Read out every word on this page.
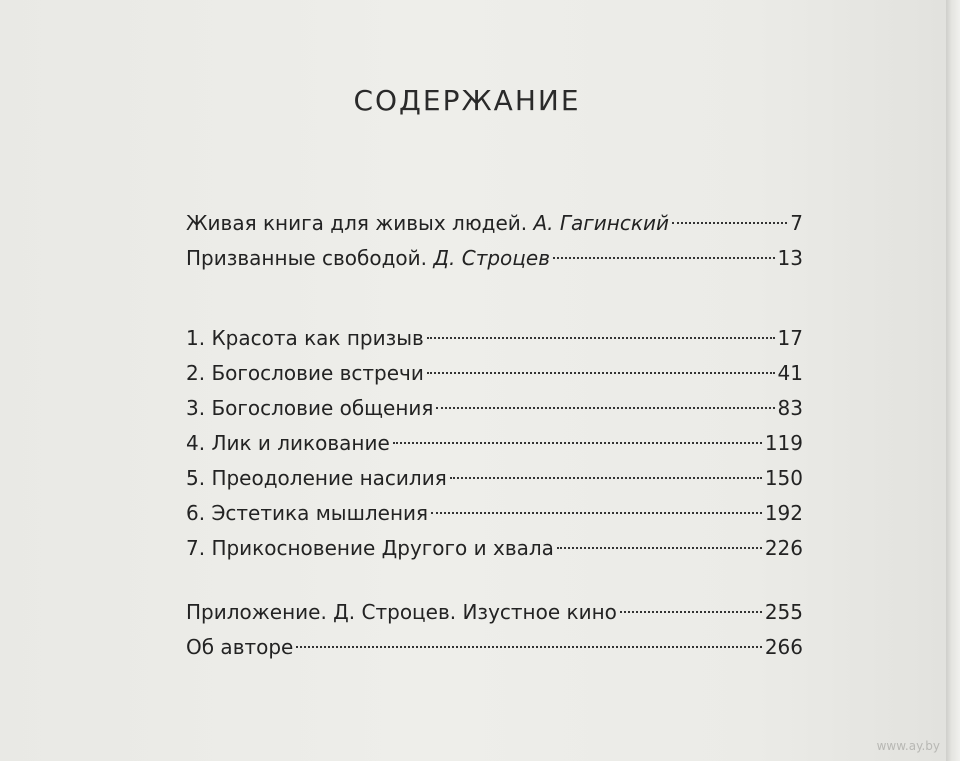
СОДЕРЖАНИЕ
Живая книга для живых людей. А. Гагинский	7
Призванные свободой. Д. Строцев	13
1. Красота как призыв	17
2. Богословие встречи	41
3. Богословие общения	83
4. Лик и ликование	119
5. Преодоление насилия	150
6. Эстетика мышления	192
7. Прикосновение Другого и хвала	226
Приложение. Д. Строцев. Изустное кино	255
Об авторе	266
www.ay.by
